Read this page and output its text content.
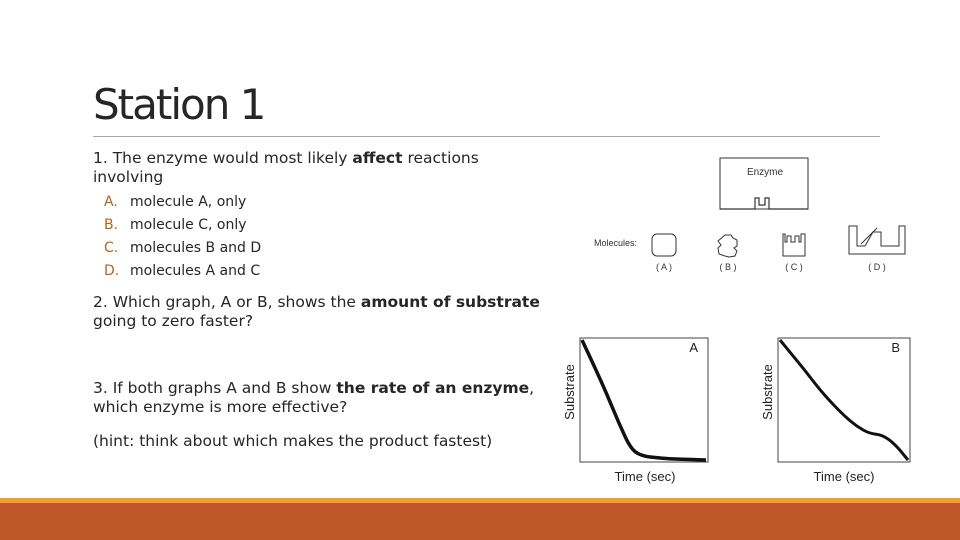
Station 1
1. The enzyme would most likely affect reactions involving
A. molecule A, only
B. molecule C, only
C. molecules B and D
D. molecules A and C
2. Which graph, A or B, shows the amount of substrate going to zero faster?
3. If both graphs A and B show the rate of an enzyme, which enzyme is more effective?
(hint: think about which makes the product fastest)
Enzyme
Molecules:
( A )	( B )	( C )	( D )
A
Substrate
Time (sec)
B
Substrate
Time (sec)
